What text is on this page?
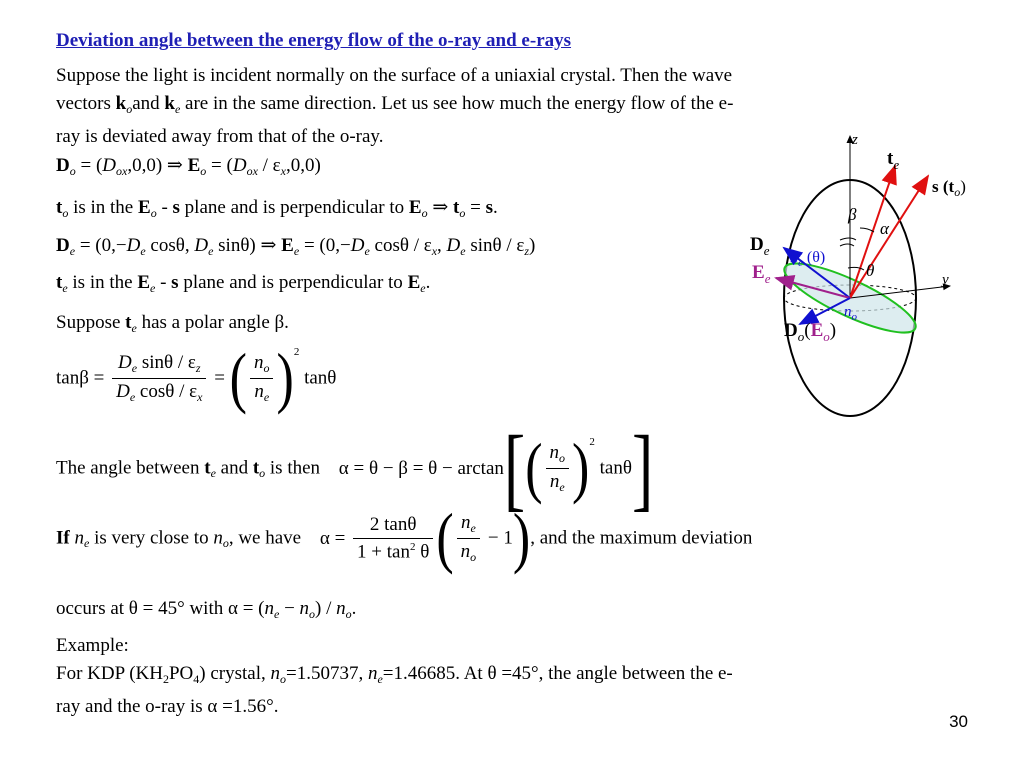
Deviation angle between the energy flow of the o-ray and e-rays
Suppose the light is incident normally on the surface of a uniaxial crystal. Then the wave
vectors $k_oand$ $k_e$ are in the same direction. Let us see how much the energy flow of the e-
ray is deviated away from that of the o-ray.
$D_o = (D_{ox},0,0)$ ⇒ $E_o = (D_{ox} / \varepsilon_x,0,0)$
$t_o$ is in the $E_o$ - s plane and is perpendicular to $E_o$ ⇒ $t_o = s$.
$D_e = (0,-D_e$ cosθ, $D_e$ sinθ) ⇒ $E_e = (0,-D_e$ cosθ / $\varepsilon_x$, $D_e$ sinθ / $\varepsilon_z$)
$t_e$ is in the $E_e$ - s plane and is perpendicular to $E_e$.
Suppose $t_e$ has a polar angle β.
$\tan\beta = \frac{D_e \sin\theta / \varepsilon_z}{D_e \cos\theta / \varepsilon_x}$ = ( $\frac{n_o}{n_e} )^2$ tanθ
The angle between $t_e$ and $t_o$ is then $\alpha = \theta - \beta = \theta - \arctan[( \frac{n_o}{n_e} )^2$ tanθ]
If $n_e$ is very close to $n_o$, we have $\alpha = \frac{2 \tan\theta}{1 + \tan^2 \theta}$ ( $\frac{n_e}{n_o} - 1$), and the maximum deviation
occurs at θ = 45° with $\alpha = (n_e - n_o) / n_o$.
Example:
For KDP $(KH_2PO_4)$ crystal, $n_o=1.50737$, $n_e=1.46685$. At θ =45°, the angle between the e-
ray and the o-ray is α =1.56°.
z
y
$t_e$
s $(t_o)$
$D_e$
$E_e$
$n_e$ (θ)
β
α
θ
$n_o$
$D_o(E_o)$
30
